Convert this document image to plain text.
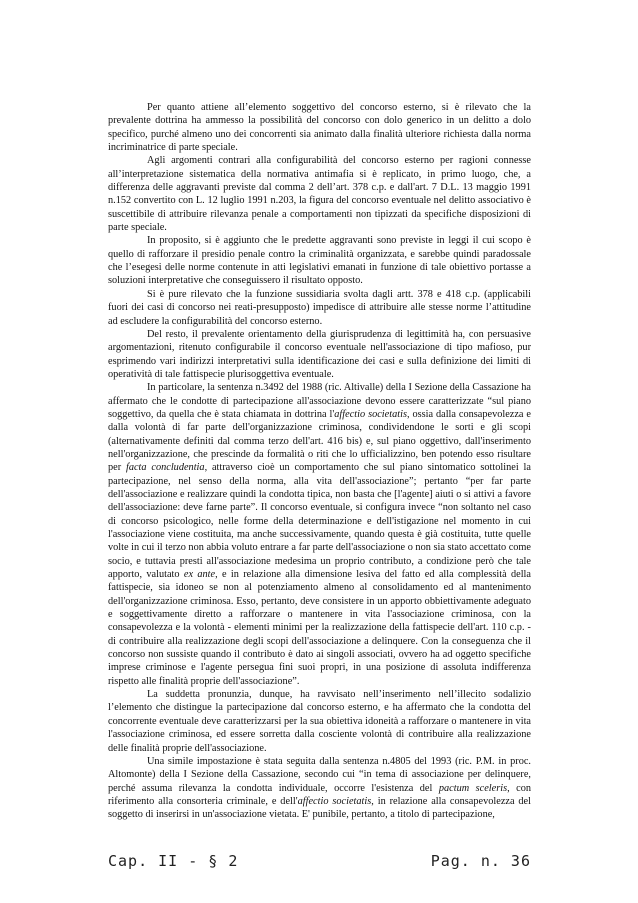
Per quanto attiene all’elemento soggettivo del concorso esterno, si è rilevato che la prevalente dottrina ha ammesso la possibilità del concorso con dolo generico in un delitto a dolo specifico, purché almeno uno dei concorrenti sia animato dalla finalità ulteriore richiesta dalla norma incriminatrice di parte speciale.

Agli argomenti contrari alla configurabilità del concorso esterno per ragioni connesse all’interpretazione sistematica della normativa antimafia si è replicato, in primo luogo, che, a differenza delle aggravanti previste dal comma 2 dell’art. 378 c.p. e dall'art. 7 D.L. 13 maggio 1991 n.152 convertito con L. 12 luglio 1991 n.203, la figura del concorso eventuale nel delitto associativo è suscettibile di attribuire rilevanza penale a comportamenti non tipizzati da specifiche disposizioni di parte speciale.

In proposito, si è aggiunto che le predette aggravanti sono previste in leggi il cui scopo è quello di rafforzare il presidio penale contro la criminalità organizzata, e sarebbe quindi paradossale che l’esegesi delle norme contenute in atti legislativi emanati in funzione di tale obiettivo portasse a soluzioni interpretative che conseguissero il risultato opposto.

Si è pure rilevato che la funzione sussidiaria svolta dagli artt. 378 e 418 c.p. (applicabili fuori dei casi di concorso nei reati-presupposto) impedisce di attribuire alle stesse norme l’attitudine ad escludere la configurabilità del concorso esterno.

Del resto, il prevalente orientamento della giurisprudenza di legittimità ha, con persuasive argomentazioni, ritenuto configurabile il concorso eventuale nell'associazione di tipo mafioso, pur esprimendo vari indirizzi interpretativi sulla identificazione dei casi e sulla definizione dei limiti di operatività di tale fattispecie plurisoggettiva eventuale.

In particolare, la sentenza n.3492 del 1988 (ric. Altivalle) della I Sezione della Cassazione ha affermato che le condotte di partecipazione all'associazione devono essere caratterizzate “sul piano soggettivo, da quella che è stata chiamata in dottrina l'affectio societatis, ossia dalla consapevolezza e dalla volontà di far parte dell'organizzazione criminosa, condividendone le sorti e gli scopi (alternativamente definiti dal comma terzo dell'art. 416 bis) e, sul piano oggettivo, dall'inserimento nell'organizzazione, che prescinde da formalità o riti che lo ufficializzino, ben potendo esso risultare per facta concludentia, attraverso cioè un comportamento che sul piano sintomatico sottolinei la partecipazione, nel senso della norma, alla vita dell'associazione”; pertanto “per far parte dell'associazione e realizzare quindi la condotta tipica, non basta che [l'agente] aiuti o si attivi a favore dell'associazione: deve farne parte”. Il concorso eventuale, si configura invece “non soltanto nel caso di concorso psicologico, nelle forme della determinazione e dell'istigazione nel momento in cui l'associazione viene costituita, ma anche successivamente, quando questa è già costituita, tutte quelle volte in cui il terzo non abbia voluto entrare a far parte dell'associazione o non sia stato accettato come socio, e tuttavia presti all'associazione medesima un proprio contributo, a condizione però che tale apporto, valutato ex ante, e in relazione alla dimensione lesiva del fatto ed alla complessità della fattispecie, sia idoneo se non al potenziamento almeno al consolidamento ed al mantenimento dell'organizzazione criminosa. Esso, pertanto, deve consistere in un apporto obbiettivamente adeguato e soggettivamente diretto a rafforzare o mantenere in vita l'associazione criminosa, con la consapevolezza e la volontà - elementi minimi per la realizzazione della fattispecie dell'art. 110 c.p. - di contribuire alla realizzazione degli scopi dell'associazione a delinquere. Con la conseguenza che il concorso non sussiste quando il contributo è dato ai singoli associati, ovvero ha ad oggetto specifiche imprese criminose e l'agente persegua fini suoi propri, in una posizione di assoluta indifferenza rispetto alle finalità proprie dell'associazione”.

La suddetta pronunzia, dunque, ha ravvisato nell’inserimento nell’illecito sodalizio l’elemento che distingue la partecipazione dal concorso esterno, e ha affermato che la condotta del concorrente eventuale deve caratterizzarsi per la sua obiettiva idoneità a rafforzare o mantenere in vita l'associazione criminosa, ed essere sorretta dalla cosciente volontà di contribuire alla realizzazione delle finalità proprie dell'associazione.

Una simile impostazione è stata seguita dalla sentenza n.4805 del 1993 (ric. P.M. in proc. Altomonte) della I Sezione della Cassazione, secondo cui “in tema di associazione per delinquere, perché assuma rilevanza la condotta individuale, occorre l'esistenza del pactum sceleris, con riferimento alla consorteria criminale, e dell'affectio societatis, in relazione alla consapevolezza del soggetto di inserirsi in un'associazione vietata. E' punibile, pertanto, a titolo di partecipazione,

Cap. II - § 2	Pag. n. 36
